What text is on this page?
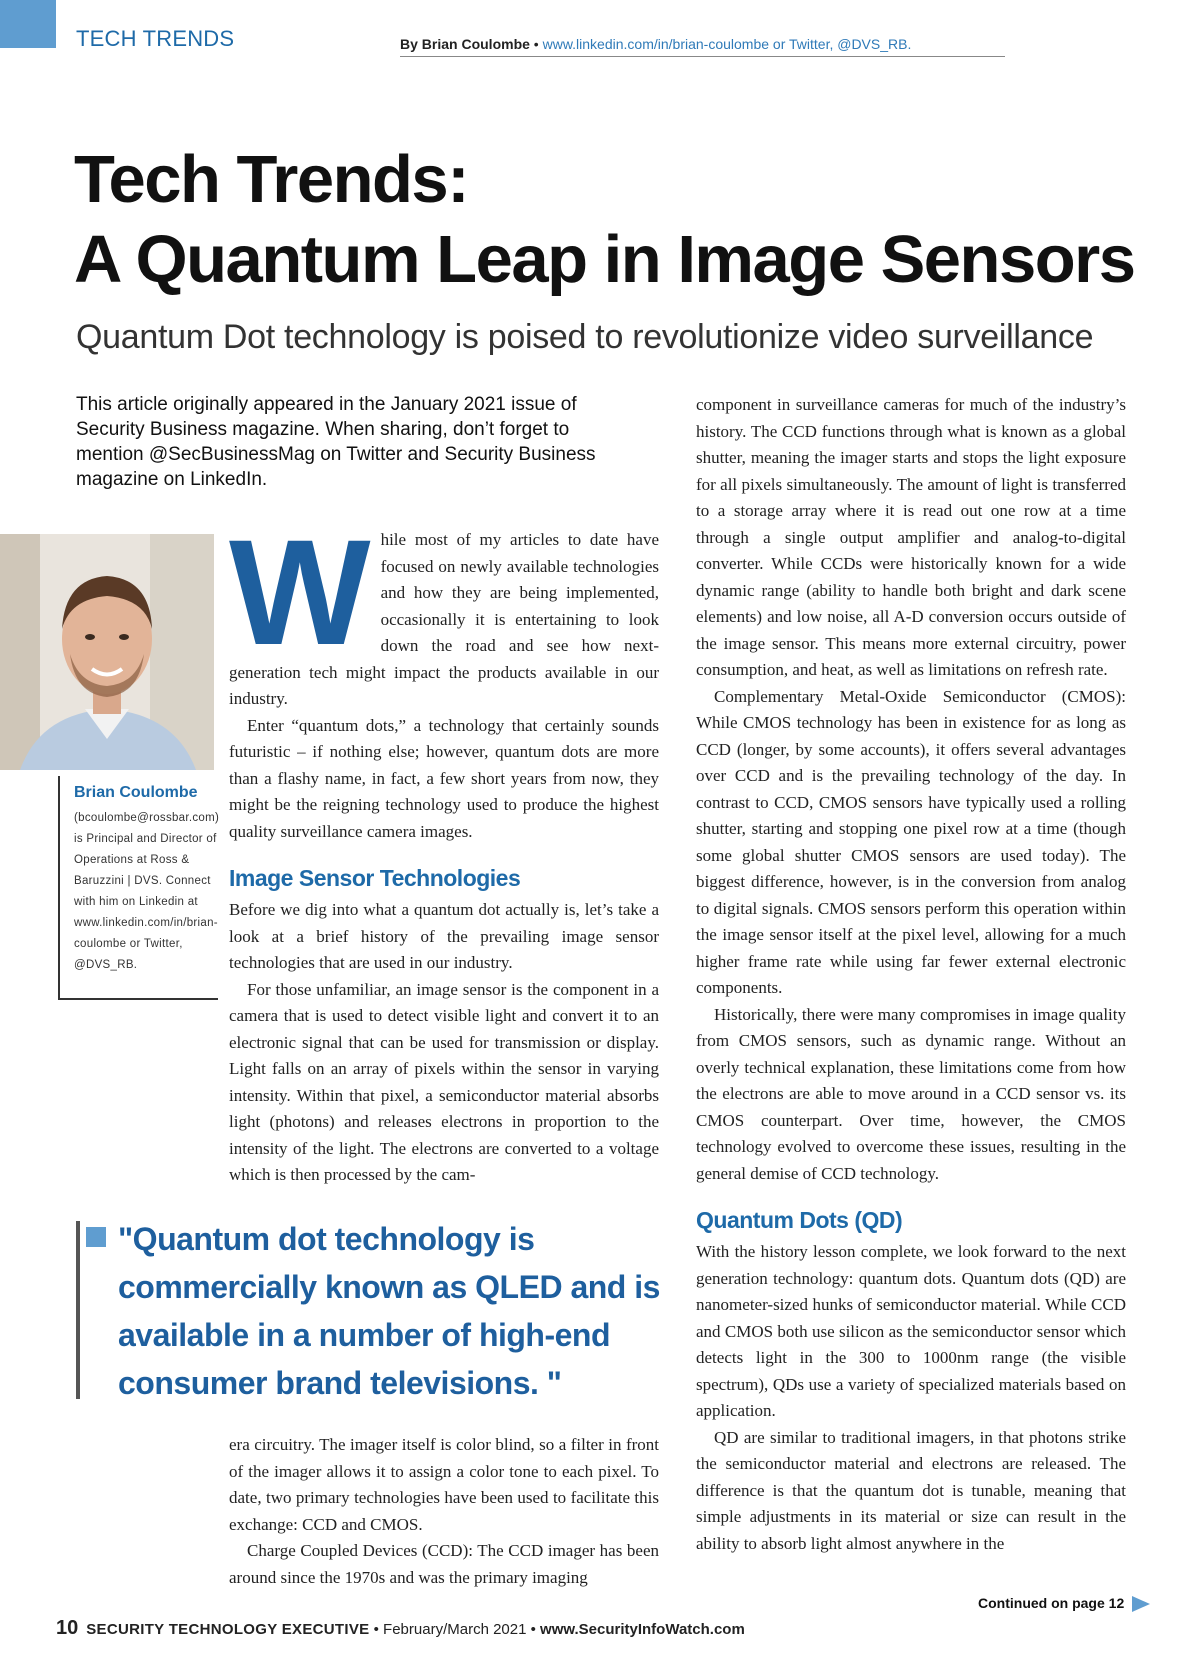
TECH TRENDS	By Brian Coulombe • www.linkedin.com/in/brian-coulombe or Twitter, @DVS_RB.
Tech Trends:
A Quantum Leap in Image Sensors
Quantum Dot technology is poised to revolutionize video surveillance
This article originally appeared in the January 2021 issue of Security Business magazine. When sharing, don’t forget to mention @SecBusinessMag on Twitter and Security Business magazine on LinkedIn.
Brian Coulombe
(bcoulombe@rossbar.com) is Principal and Director of Operations at Ross & Baruzzini | DVS. Connect with him on Linkedin at www.linkedin.com/in/brian-coulombe or Twitter, @DVS_RB.
W hile most of my articles to date have focused on newly available technologies and how they are being implemented, occasionally it is entertaining to look down the road and see how next-generation tech might impact the products available in our industry.

Enter “quantum dots,” a technology that certainly sounds futuristic – if nothing else; however, quantum dots are more than a flashy name, in fact, a few short years from now, they might be the reigning technology used to produce the highest quality surveillance camera images.

Image Sensor Technologies

Before we dig into what a quantum dot actually is, let’s take a look at a brief history of the prevailing image sensor technologies that are used in our industry.

For those unfamiliar, an image sensor is the component in a camera that is used to detect visible light and convert it to an electronic signal that can be used for transmission or display. Light falls on an array of pixels within the sensor in varying intensity. Within that pixel, a semiconductor material absorbs light (photons) and releases electrons in proportion to the intensity of the light. The electrons are converted to a voltage which is then processed by the cam-

"Quantum dot technology is commercially known as QLED and is available in a number of high-end consumer brand televisions. "

era circuitry. The imager itself is color blind, so a filter in front of the imager allows it to assign a color tone to each pixel. To date, two primary technologies have been used to facilitate this exchange: CCD and CMOS.

Charge Coupled Devices (CCD): The CCD imager has been around since the 1970s and was the primary imaging

component in surveillance cameras for much of the industry’s history. The CCD functions through what is known as a global shutter, meaning the imager starts and stops the light exposure for all pixels simultaneously. The amount of light is transferred to a storage array where it is read out one row at a time through a single output amplifier and analog-to-digital converter. While CCDs were historically known for a wide dynamic range (ability to handle both bright and dark scene elements) and low noise, all A-D conversion occurs outside of the image sensor. This means more external circuitry, power consumption, and heat, as well as limitations on refresh rate.

Complementary Metal-Oxide Semiconductor (CMOS): While CMOS technology has been in existence for as long as CCD (longer, by some accounts), it offers several advantages over CCD and is the prevailing technology of the day. In contrast to CCD, CMOS sensors have typically used a rolling shutter, starting and stopping one pixel row at a time (though some global shutter CMOS sensors are used today). The biggest difference, however, is in the conversion from analog to digital signals. CMOS sensors perform this operation within the image sensor itself at the pixel level, allowing for a much higher frame rate while using far fewer external electronic components.

Historically, there were many compromises in image quality from CMOS sensors, such as dynamic range. Without an overly technical explanation, these limitations come from how the electrons are able to move around in a CCD sensor vs. its CMOS counterpart. Over time, however, the CMOS technology evolved to overcome these issues, resulting in the general demise of CCD technology.

Quantum Dots (QD)

With the history lesson complete, we look forward to the next generation technology: quantum dots. Quantum dots (QD) are nanometer-sized hunks of semiconductor material. While CCD and CMOS both use silicon as the semiconductor sensor which detects light in the 300 to 1000nm range (the visible spectrum), QDs use a variety of specialized materials based on application.

QD are similar to traditional imagers, in that photons strike the semiconductor material and electrons are released. The difference is that the quantum dot is tunable, meaning that simple adjustments in its material or size can result in the ability to absorb light almost anywhere in the

Continued on page 12
10 SECURITY TECHNOLOGY EXECUTIVE • February/March 2021 • www.SecurityInfoWatch.com
